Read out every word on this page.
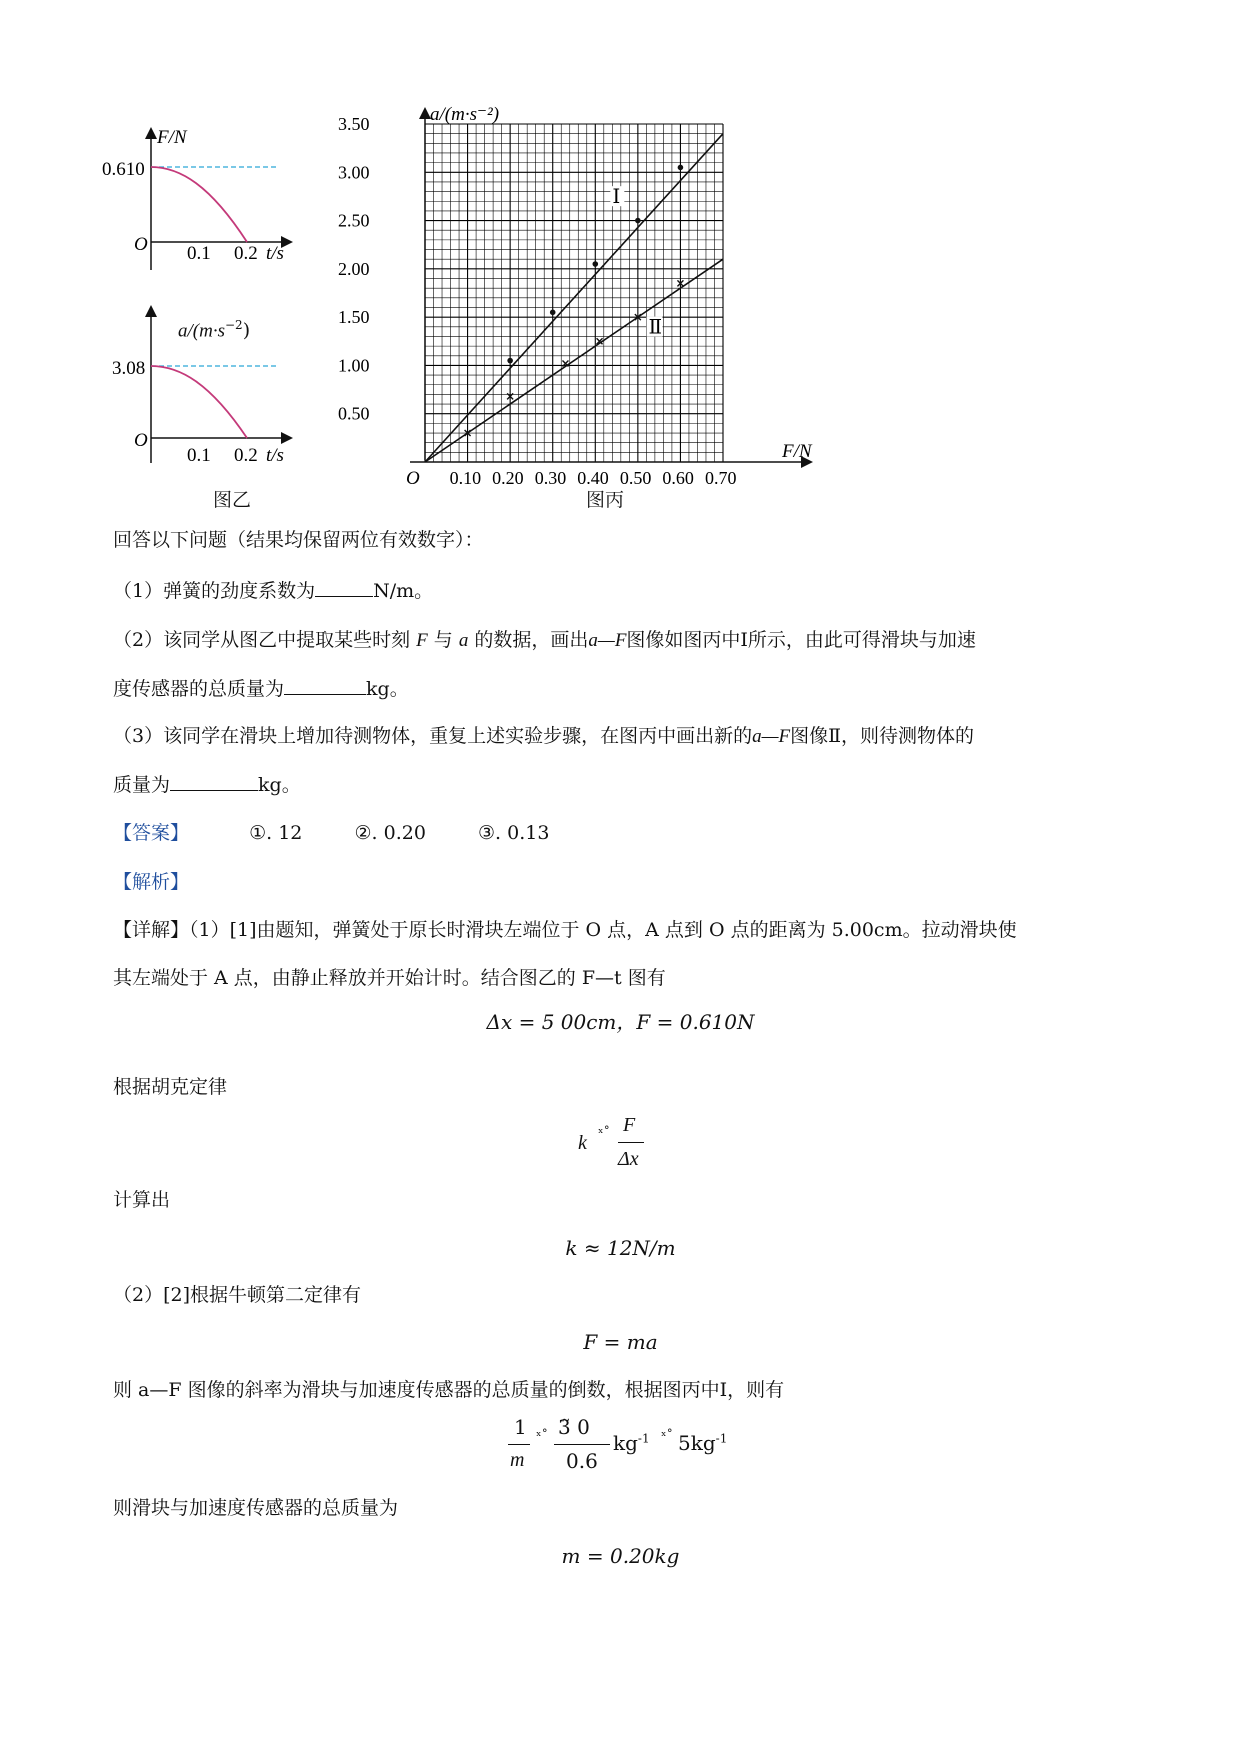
F/N
0.610
O 0.1 0.2 t/s
3.08
O
0.1 0.2 t/s
$a/(m\cdot s^{-2})$
图乙
Ⅰ
Ⅱ
0.10 0.20 0.30 0.40 0.50 0.60 0.70
0.50
1.00
1.50
2.00
2.50
3.00
3.50
O
F/N
a/(m·s⁻²)
图丙
回答以下问题（结果均保留两位有效数字）：
（1）弹簧的劲度系数为	N/m。
（2）该同学从图乙中提取某些时刻 F 与 a 的数据，画出a—F图像如图丙中Ⅰ所示，由此可得滑块与加速
度传感器的总质量为	kg。
（3）该同学在滑块上增加待测物体，重复上述实验步骤，在图丙中画出新的a—F图像Ⅱ，则待测物体的
质量为	kg。
【答案】	①. 12	②. 0.20	③. 0.13
【解析】
【详解】（1）[1]由题知，弹簧处于原长时滑块左端位于 O 点，A 点到 O 点的距离为 5.00cm。拉动滑块使
其左端处于 A 点，由静止释放并开始计时。结合图乙的 F—t 图有
Δx = 5 00cm，F = 0.610N
根据胡克定律
k ˣ˚ F
Δx
计算出
k ≈ 12N/m
（2）[2]根据牛顿第二定律有
F = ma
则 a—F 图像的斜率为滑块与加速度传感器的总质量的倒数，根据图丙中Ⅰ，则有
1
m
ˣ˚ 3̃ 0
0.6
$kg^{-1}$ ˣ˚ $5kg^{-1}$
则滑块与加速度传感器的总质量为
m = 0.20kg
